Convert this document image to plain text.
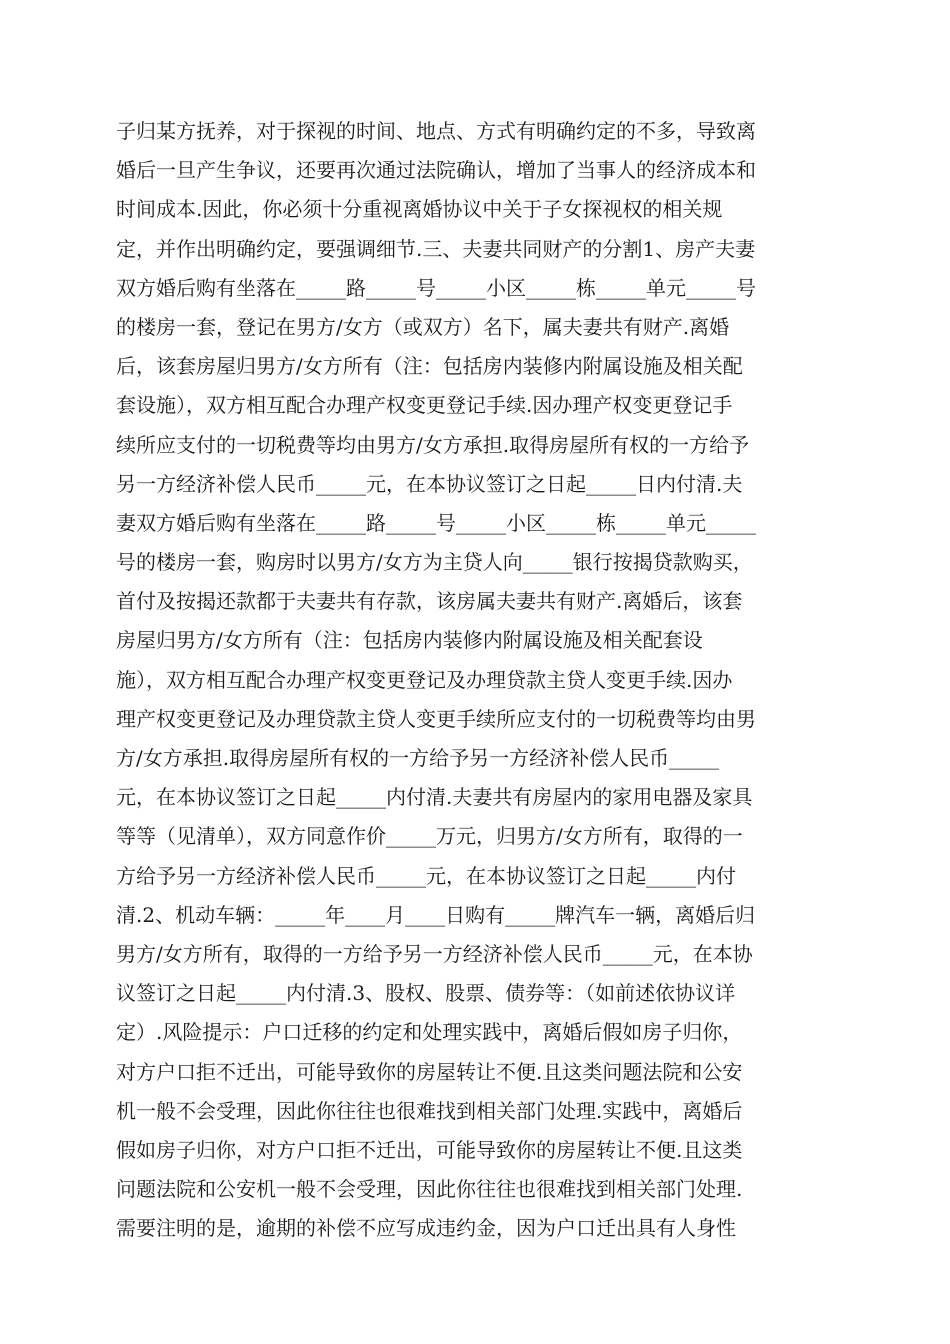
子归某方抚养，对于探视的时间、地点、方式有明确约定的不多，导致离
婚后一旦产生争议，还要再次通过法院确认，增加了当事人的经济成本和
时间成本.因此，你必须十分重视离婚协议中关于子女探视权的相关规
定，并作出明确约定，要强调细节.三、夫妻共同财产的分割1、房产夫妻
双方婚后购有坐落在_____路_____号_____小区_____栋_____单元_____号
的楼房一套，登记在男方/女方（或双方）名下，属夫妻共有财产.离婚
后，该套房屋归男方/女方所有（注：包括房内装修内附属设施及相关配
套设施），双方相互配合办理产权变更登记手续.因办理产权变更登记手
续所应支付的一切税费等均由男方/女方承担.取得房屋所有权的一方给予
另一方经济补偿人民币_____元，在本协议签订之日起_____日内付清.夫
妻双方婚后购有坐落在_____路_____号_____小区_____栋_____单元_____
号的楼房一套，购房时以男方/女方为主贷人向_____银行按揭贷款购买，
首付及按揭还款都于夫妻共有存款，该房属夫妻共有财产.离婚后，该套
房屋归男方/女方所有（注：包括房内装修内附属设施及相关配套设
施），双方相互配合办理产权变更登记及办理贷款主贷人变更手续.因办
理产权变更登记及办理贷款主贷人变更手续所应支付的一切税费等均由男
方/女方承担.取得房屋所有权的一方给予另一方经济补偿人民币_____
元，在本协议签订之日起_____内付清.夫妻共有房屋内的家用电器及家具
等等（见清单），双方同意作价_____万元，归男方/女方所有，取得的一
方给予另一方经济补偿人民币_____元，在本协议签订之日起_____内付
清.2、机动车辆：_____年____月____日购有_____牌汽车一辆，离婚后归
男方/女方所有，取得的一方给予另一方经济补偿人民币_____元，在本协
议签订之日起_____内付清.3、股权、股票、债券等：（如前述依协议详
定）.风险提示：户口迁移的约定和处理实践中，离婚后假如房子归你，
对方户口拒不迁出，可能导致你的房屋转让不便.且这类问题法院和公安
机一般不会受理，因此你往往也很难找到相关部门处理.实践中，离婚后
假如房子归你，对方户口拒不迁出，可能导致你的房屋转让不便.且这类
问题法院和公安机一般不会受理，因此你往往也很难找到相关部门处理.
需要注明的是，逾期的补偿不应写成违约金，因为户口迁出具有人身性
